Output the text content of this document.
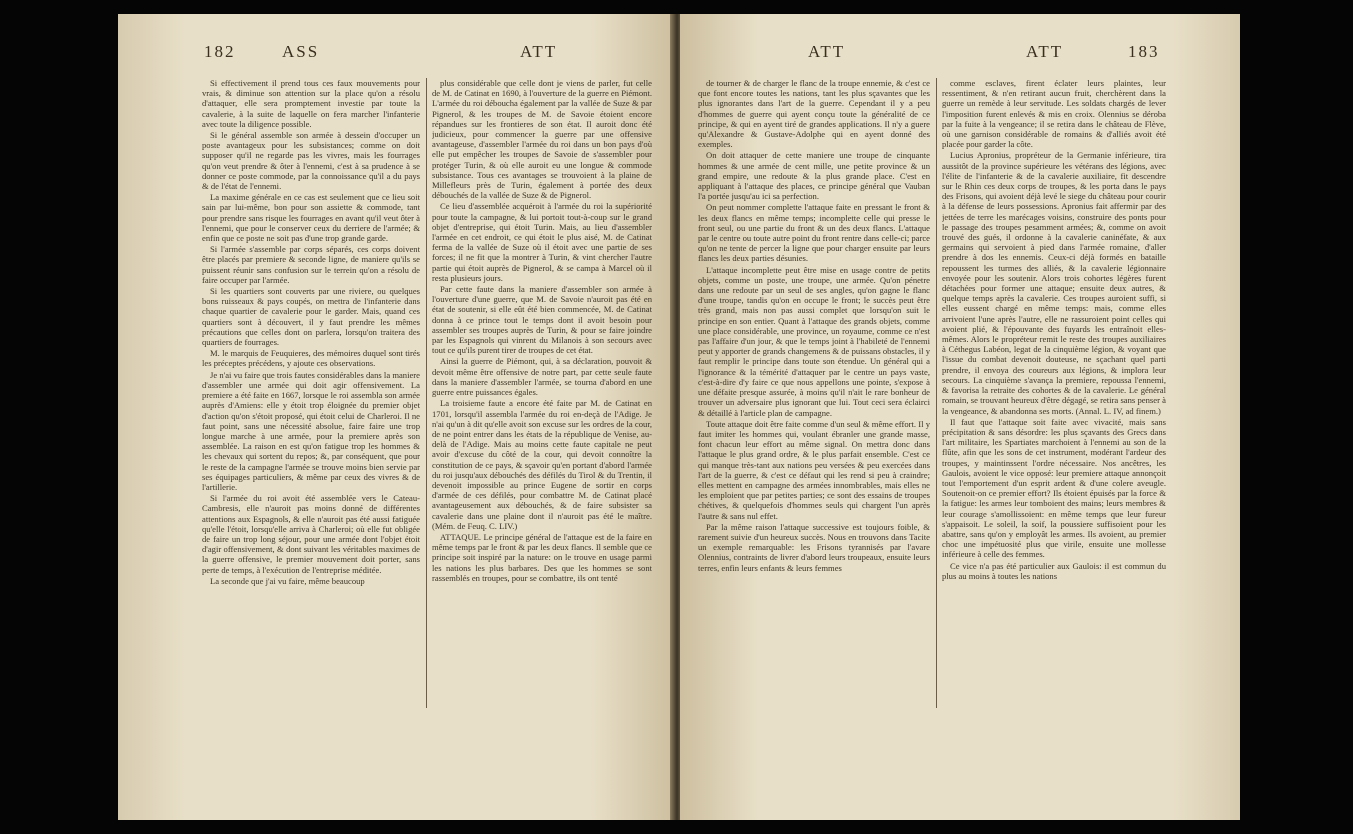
182	ASS	ATT

Si effectivement il prend tous ces faux mouvements pour vrais, & diminue son attention sur la place qu'on a résolu d'attaquer, elle sera promptement investie par toute la cavalerie, à la suite de laquelle on fera marcher l'infanterie avec toute la diligence possible.

Si le général assemble son armée à dessein d'occuper un poste avantageux pour les subsistances; comme on doit supposer qu'il ne regarde pas les vivres, mais les fourrages qu'on veut prendre & ôter à l'ennemi, c'est à sa prudence à se donner ce poste commode, par la connoissance qu'il a du pays & de l'état de l'ennemi.

La maxime générale en ce cas est seulement que ce lieu soit sain par lui-même, bon pour son assiette & commode, tant pour prendre sans risque les fourrages en avant qu'il veut ôter à l'ennemi, que pour le conserver ceux du derriere de l'armée; & enfin que ce poste ne soit pas d'une trop grande garde.

Si l'armée s'assemble par corps séparés, ces corps doivent être placés par premiere & seconde ligne, de maniere qu'ils se puissent réunir sans confusion sur le terrein qu'on a résolu de faire occuper par l'armée.

Si les quartiers sont couverts par une riviere, ou quelques bons ruisseaux & pays coupés, on mettra de l'infanterie dans chaque quartier de cavalerie pour le garder. Mais, quand ces quartiers sont à découvert, il y faut prendre les mêmes précautions que celles dont on parlera, lorsqu'on traitera des quartiers de fourrages.

M. le marquis de Feuquieres, des mémoires duquel sont tirés les préceptes précédens, y ajoute ces observations.

Je n'ai vu faire que trois fautes considérables dans la maniere d'assembler une armée qui doit agir offensivement. La premiere a été faite en 1667, lorsque le roi assembla son armée auprès d'Amiens: elle y étoit trop éloignée du premier objet d'action qu'on s'étoit proposé, qui étoit celui de Charleroi. Il ne faut point, sans une nécessité absolue, faire faire une trop longue marche à une armée, pour la premiere après son assemblée. La raison en est qu'on fatigue trop les hommes & les chevaux qui sortent du repos; &, par conséquent, que pour le reste de la campagne l'armée se trouve moins bien servie par ses équipages particuliers, & même par ceux des vivres & de l'artillerie.

Si l'armée du roi avoit été assemblée vers le Cateau-Cambresis, elle n'auroit pas moins donné de différentes attentions aux Espagnols, & elle n'auroit pas été aussi fatiguée qu'elle l'étoit, lorsqu'elle arriva à Charleroi; où elle fut obligée de faire un trop long séjour, pour une armée dont l'objet étoit d'agir offensivement, & dont suivant les véritables maximes de la guerre offensive, le premier mouvement doit porter, sans perte de temps, à l'exécution de l'entreprise méditée.

La seconde que j'ai vu faire, même beaucoup

plus considérable que celle dont je viens de parler, fut celle de M. de Catinat en 1690, à l'ouverture de la guerre en Piémont. L'armée du roi déboucha également par la vallée de Suze & par Pignerol, & les troupes de M. de Savoie étoient encore répandues sur les frontieres de son état. Il auroit donc été judicieux, pour commencer la guerre par une offensive avantageuse, d'assembler l'armée du roi dans un bon pays d'où elle put empêcher les troupes de Savoie de s'assembler pour protéger Turin, & où elle auroit eu une longue & commode subsistance. Tous ces avantages se trouvoient à la plaine de Millefleurs près de Turin, également à portée des deux débouchés de la vallée de Suze & de Pignerol.

Ce lieu d'assemblée acquéroit à l'armée du roi la supériorité pour toute la campagne, & lui portoit tout-à-coup sur le grand objet d'entreprise, qui étoit Turin. Mais, au lieu d'assembler l'armée en cet endroit, ce qui étoit le plus aisé, M. de Catinat ferma de la vallée de Suze où il étoit avec une partie de ses forces; il ne fit que la montrer à Turin, & vint chercher l'autre partie qui étoit auprès de Pignerol, & se campa à Marcel où il resta plusieurs jours.

Par cette faute dans la maniere d'assembler son armée à l'ouverture d'une guerre, que M. de Savoie n'auroit pas été en état de soutenir, si elle eût été bien commencée, M. de Catinat donna à ce prince tout le temps dont il avoit besoin pour assembler ses troupes auprès de Turin, & pour se faire joindre par les Espagnols qui vinrent du Milanois à son secours avec tout ce qu'ils purent tirer de troupes de cet état.

Ainsi la guerre de Piémont, qui, à sa déclaration, pouvoit & devoit même être offensive de notre part, par cette seule faute dans la maniere d'assembler l'armée, se tourna d'abord en une guerre entre puissances égales.

La troisieme faute a encore été faite par M. de Catinat en 1701, lorsqu'il assembla l'armée du roi en-deçà de l'Adige. Je n'ai qu'un à dit qu'elle avoit son excuse sur les ordres de la cour, de ne point entrer dans les états de la république de Venise, au-delà de l'Adige. Mais au moins cette faute capitale ne peut avoir d'excuse du côté de la cour, qui devoit connoître la constitution de ce pays, & sçavoir qu'en portant d'abord l'armée du roi jusqu'aux débouchés des défilés du Tirol & du Trentin, il devenoit impossible au prince Eugene de sortir en corps d'armée de ces défilés, pour combattre M. de Catinat placé avantageusement aux débouchés, & de faire subsister sa cavalerie dans une plaine dont il n'auroit pas été le maître. (Mém. de Feuq. C. LIV.)

ATTAQUE. Le principe général de l'attaque est de la faire en même temps par le front & par les deux flancs. Il semble que ce principe soit inspiré par la nature: on le trouve en usage parmi les nations les plus barbares. Des que les hommes se sont rassemblés en troupes, pour se combattre, ils ont tenté

ATT	ATT	183

de tourner & de charger le flanc de la troupe ennemie, & c'est ce que font encore toutes les nations, tant les plus sçavantes que les plus ignorantes dans l'art de la guerre. Cependant il y a peu d'hommes de guerre qui ayent conçu toute la généralité de ce principe, & qui en ayent tiré de grandes applications. Il n'y a guere qu'Alexandre & Gustave-Adolphe qui en ayent donné des exemples.

On doit attaquer de cette maniere une troupe de cinquante hommes & une armée de cent mille, une petite province & un grand empire, une redoute & la plus grande place. C'est en appliquant à l'attaque des places, ce principe général que Vauban l'a portée jusqu'au ici sa perfection.

On peut nommer complette l'attaque faite en pressant le front & les deux flancs en même temps; incomplette celle qui presse le front seul, ou une partie du front & un des deux flancs. L'attaque par le centre ou toute autre point du front rentre dans celle-ci; parce qu'on ne tente de percer la ligne que pour charger ensuite par leurs flancs les deux parties désunies.

L'attaque incomplette peut être mise en usage contre de petits objets, comme un poste, une troupe, une armée. Qu'on pénetre dans une redoute par un seul de ses angles, qu'on gagne le flanc d'une troupe, tandis qu'on en occupe le front; le succès peut être très grand, mais non pas aussi complet que lorsqu'on suit le principe en son entier. Quant à l'attaque des grands objets, comme une place considérable, une province, un royaume, comme ce n'est pas l'affaire d'un jour, & que le temps joint à l'habileté de l'ennemi peut y apporter de grands changemens & de puissans obstacles, il y faut remplir le principe dans toute son étendue. Un général qui a l'ignorance & la témérité d'attaquer par le centre un pays vaste, c'est-à-dire d'y faire ce que nous appellons une pointe, s'expose à une défaite presque assurée, à moins qu'il n'ait le rare bonheur de trouver un adversaire plus ignorant que lui. Tout ceci sera éclairci & détaillé à l'article plan de campagne.

Toute attaque doit être faite comme d'un seul & même effort. Il y faut imiter les hommes qui, voulant ébranler une grande masse, font chacun leur effort au même signal. On mettra donc dans l'attaque le plus grand ordre, & le plus parfait ensemble. C'est ce qui manque très-tant aux nations peu versées & peu exercées dans l'art de la guerre, & c'est ce défaut qui les rend si peu à craindre; elles mettent en campagne des armées innombrables, mais elles ne les emploient que par petites parties; ce sont des essains de troupes chétives, & quelquefois d'hommes seuls qui chargent l'un après l'autre & sans nul effet.

Par la même raison l'attaque successive est toujours foible, & rarement suivie d'un heureux succès. Nous en trouvons dans Tacite un exemple remarquable: les Frisons tyrannisés par l'avare Olennius, contraints de livrer d'abord leurs troupeaux, ensuite leurs terres, enfin leurs enfants & leurs femmes

comme esclaves, firent éclater leurs plaintes, leur ressentiment, & n'en retirant aucun fruit, cherchèrent dans la guerre un remède à leur servitude. Les soldats chargés de lever l'imposition furent enlevés & mis en croix. Olennius se déroba par la fuite à la vengeance; il se retira dans le château de Flève, où une garnison considérable de romains & d'alliés avoit été placée pour garder la côte.

Lucius Apronius, propréteur de la Germanie inférieure, tira aussitôt de la province supérieure les vétérans des légions, avec l'élite de l'infanterie & de la cavalerie auxiliaire, fit descendre sur le Rhin ces deux corps de troupes, & les porta dans le pays des Frisons, qui avoient déjà levé le siege du château pour courir à la défense de leurs possessions. Apronius fait affermir par des jettées de terre les marécages voisins, construire des ponts pour le passage des troupes pesamment armées; &, comme on avoit trouvé des gués, il ordonne à la cavalerie caninéfate, & aux germains qui servoient à pied dans l'armée romaine, d'aller prendre à dos les ennemis. Ceux-ci déjà formés en bataille repoussent les turmes des alliés, & la cavalerie légionnaire envoyée pour les soutenir. Alors trois cohortes légères furent détachées pour former une attaque; ensuite deux autres, & quelque temps après la cavalerie. Ces troupes auroient suffi, si elles eussent chargé en même temps: mais, comme elles arrivoient l'une après l'autre, elle ne rassuroient point celles qui avoient plié, & l'épouvante des fuyards les entraînoit elles-mêmes. Alors le propréteur remit le reste des troupes auxiliaires à Céthegus Labéon, legat de la cinquième légion, & voyant que l'issue du combat devenoit douteuse, ne sçachant quel parti prendre, il envoya des coureurs aux légions, & implora leur secours. La cinquième s'avança la premiere, repoussa l'ennemi, & favorisa la retraite des cohortes & de la cavalerie. Le général romain, se trouvant heureux d'être dégagé, se retira sans penser à la vengeance, & abandonna ses morts. (Annal. L. IV, ad finem.)

Il faut que l'attaque soit faite avec vivacité, mais sans précipitation & sans désordre: les plus sçavants des Grecs dans l'art militaire, les Spartiates marchoient à l'ennemi au son de la flûte, afin que les sons de cet instrument, modérant l'ardeur des troupes, y maintinssent l'ordre nécessaire. Nos ancêtres, les Gaulois, avoient le vice opposé: leur premiere attaque annonçoit tout l'emportement d'un esprit ardent & d'une colere aveugle. Soutenoit-on ce premier effort? Ils étoient épuisés par la force & la fatigue: les armes leur tomboient des mains; leurs membres & leur courage s'amollissoient: en même temps que leur fureur s'appaisoit. Le soleil, la soif, la poussiere suffisoient pour les abattre, sans qu'on y employât les armes. Ils avoient, au premier choc une impétuosité plus que virile, ensuite une mollesse inférieure à celle des femmes.

Ce vice n'a pas été particulier aux Gaulois: il est commun du plus au moins à toutes les nations
